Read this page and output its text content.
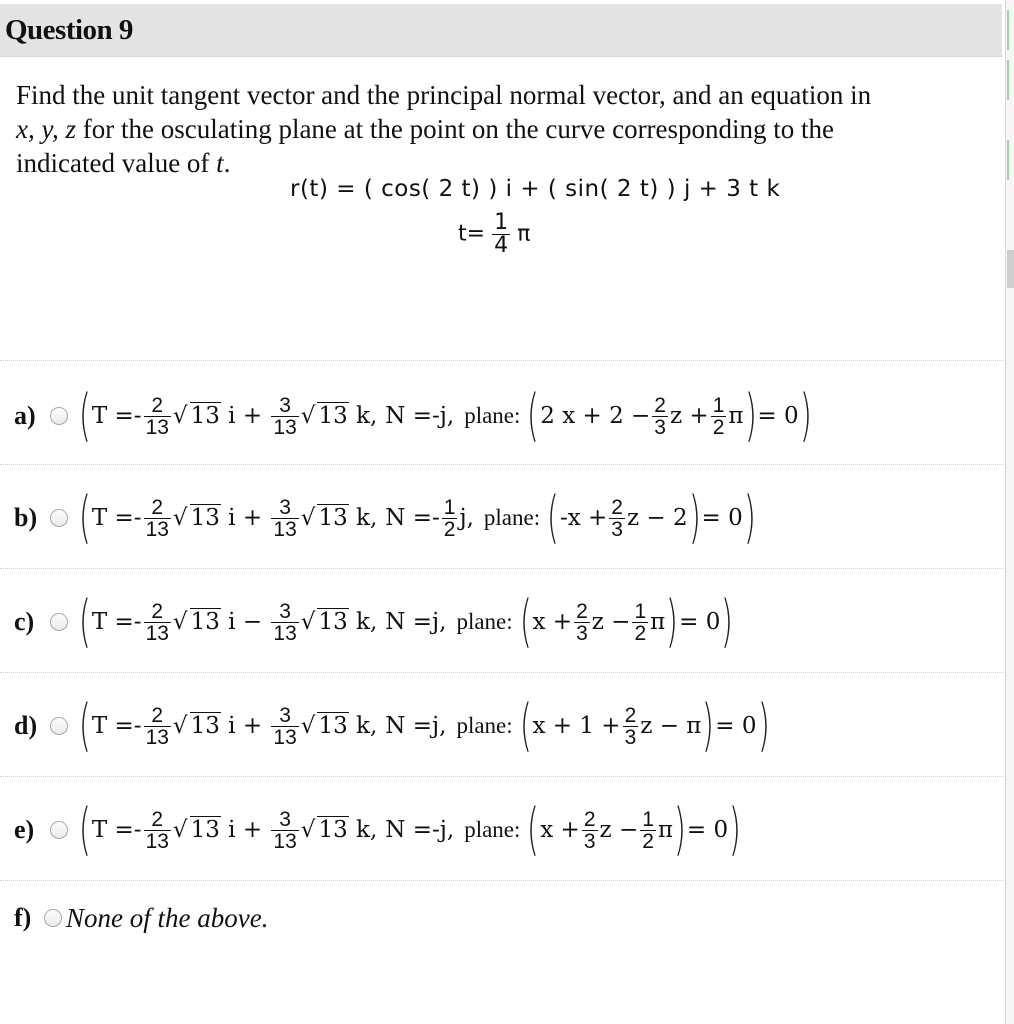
Question 9
Find the unit tangent vector and the principal normal vector, and an equation in
x, y, z for the osculating plane at the point on the curve corresponding to the
indicated value of t.
r(t) = ( cos( 2 t) ) i + ( sin( 2 t) ) j + 3 t k
$t= \frac{1}{4}$ π
a) ( $T =- \frac{2}{13}$ √ 13 $i + \frac{3}{13}$ √ 13 k, N =-j, plane: ( 2 $x + 2 - \frac{2}{3}$ $z + \frac{1}{2}$ π ) = 0 )
b) ( $T =- \frac{2}{13}$ √ 13 $i + \frac{3}{13}$ √ 13 k, $N =- \frac{1}{2} j$, plane: ( $-x + \frac{2}{3}$ z − 2 ) = 0 )
c) ( $T =- \frac{2}{13}$ √ 13 $i - \frac{3}{13}$ √ 13 k, N =j, plane: ( $x + \frac{2}{3}$ $z - \frac{1}{2}$ π ) = 0 )
d) ( $T =- \frac{2}{13}$ √ 13 $i + \frac{3}{13}$ √ 13 k, N =j, plane: ( $x + 1 + \frac{2}{3}$ z − π ) = 0 )
e) ( $T =- \frac{2}{13}$ √ 13 $i + \frac{3}{13}$ √ 13 k, N =-j, plane: ( $x + \frac{2}{3}$ $z - \frac{1}{2}$ π ) = 0 )
f)	None of the above.
